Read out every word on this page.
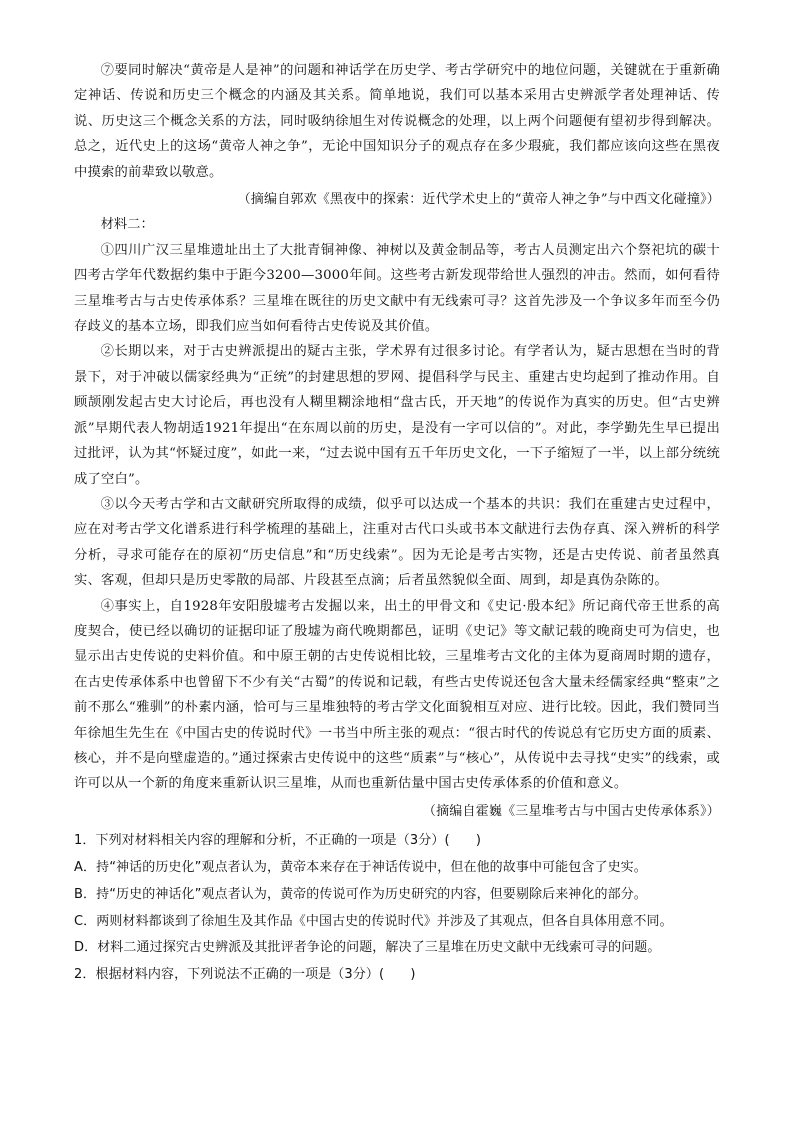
⑦要同时解决“黄帝是人是神”的问题和神话学在历史学、考古学研究中的地位问题，关键就在于重新确定神话、传说和历史三个概念的内涵及其关系。简单地说，我们可以基本采用古史辨派学者处理神话、传说、历史这三个概念关系的方法，同时吸纳徐旭生对传说概念的处理，以上两个问题便有望初步得到解决。总之，近代史上的这场“黄帝人神之争”，无论中国知识分子的观点存在多少瑕疵，我们都应该向这些在黑夜中摸索的前辈致以敬意。

（摘编自郭欢《黑夜中的探索：近代学术史上的“黄帝人神之争”与中西文化碰撞》）

材料二：

①四川广汉三星堆遗址出土了大批青铜神像、神树以及黄金制品等，考古人员测定出六个祭祀坑的碳十四考古学年代数据约集中于距今3200—3000年间。这些考古新发现带给世人强烈的冲击。然而，如何看待三星堆考古与古史传承体系？三星堆在既往的历史文献中有无线索可寻？这首先涉及一个争议多年而至今仍存歧义的基本立场，即我们应当如何看待古史传说及其价值。

②长期以来，对于古史辨派提出的疑古主张，学术界有过很多讨论。有学者认为，疑古思想在当时的背景下，对于冲破以儒家经典为“正统”的封建思想的罗网、提倡科学与民主、重建古史均起到了推动作用。自顾颉刚发起古史大讨论后，再也没有人糊里糊涂地相“盘古氏，开天地”的传说作为真实的历史。但“古史辨派”早期代表人物胡适1921年提出“在东周以前的历史，是没有一字可以信的”。对此，李学勤先生早已提出过批评，认为其“怀疑过度”，如此一来，“过去说中国有五千年历史文化，一下子缩短了一半，以上部分统统成了空白”。

③以今天考古学和古文献研究所取得的成绩，似乎可以达成一个基本的共识：我们在重建古史过程中，应在对考古学文化谱系进行科学梳理的基础上，注重对古代口头或书本文献进行去伪存真、深入辨析的科学分析，寻求可能存在的原初“历史信息”和“历史线索”。因为无论是考古实物，还是古史传说、前者虽然真实、客观，但却只是历史零散的局部、片段甚至点滴；后者虽然貌似全面、周到，却是真伪杂陈的。

④事实上，自1928年安阳殷墟考古发掘以来，出土的甲骨文和《史记·殷本纪》所记商代帝王世系的高度契合，使已经以确切的证据印证了殷墟为商代晚期都邑，证明《史记》等文献记载的晚商史可为信史，也显示出古史传说的史料价值。和中原王朝的古史传说相比较，三星堆考古文化的主体为夏商周时期的遗存，在古史传承体系中也曾留下不少有关“古蜀”的传说和记载，有些古史传说还包含大量未经儒家经典“整束”之前不那么“雅驯”的朴素内涵，恰可与三星堆独特的考古学文化面貌相互对应、进行比较。因此，我们赞同当年徐旭生先生在《中国古史的传说时代》一书当中所主张的观点：“很古时代的传说总有它历史方面的质素、核心，并不是向壁虚造的。”通过探索古史传说中的这些“质素”与“核心”，从传说中去寻找“史实”的线索，或许可以从一个新的角度来重新认识三星堆，从而也重新估量中国古史传承体系的价值和意义。

（摘编自霍巍《三星堆考古与中国古史传承体系》）

1．下列对材料相关内容的理解和分析，不正确的一项是（3分）(　　)

A．持“神话的历史化”观点者认为，黄帝本来存在于神话传说中，但在他的故事中可能包含了史实。

B．持“历史的神话化”观点者认为，黄帝的传说可作为历史研究的内容，但要剔除后来神化的部分。

C．两则材料都谈到了徐旭生及其作品《中国古史的传说时代》并涉及了其观点，但各自具体用意不同。

D．材料二通过探究古史辨派及其批评者争论的问题，解决了三星堆在历史文献中无线索可寻的问题。

2．根据材料内容，下列说法不正确的一项是（3分）(　　)
